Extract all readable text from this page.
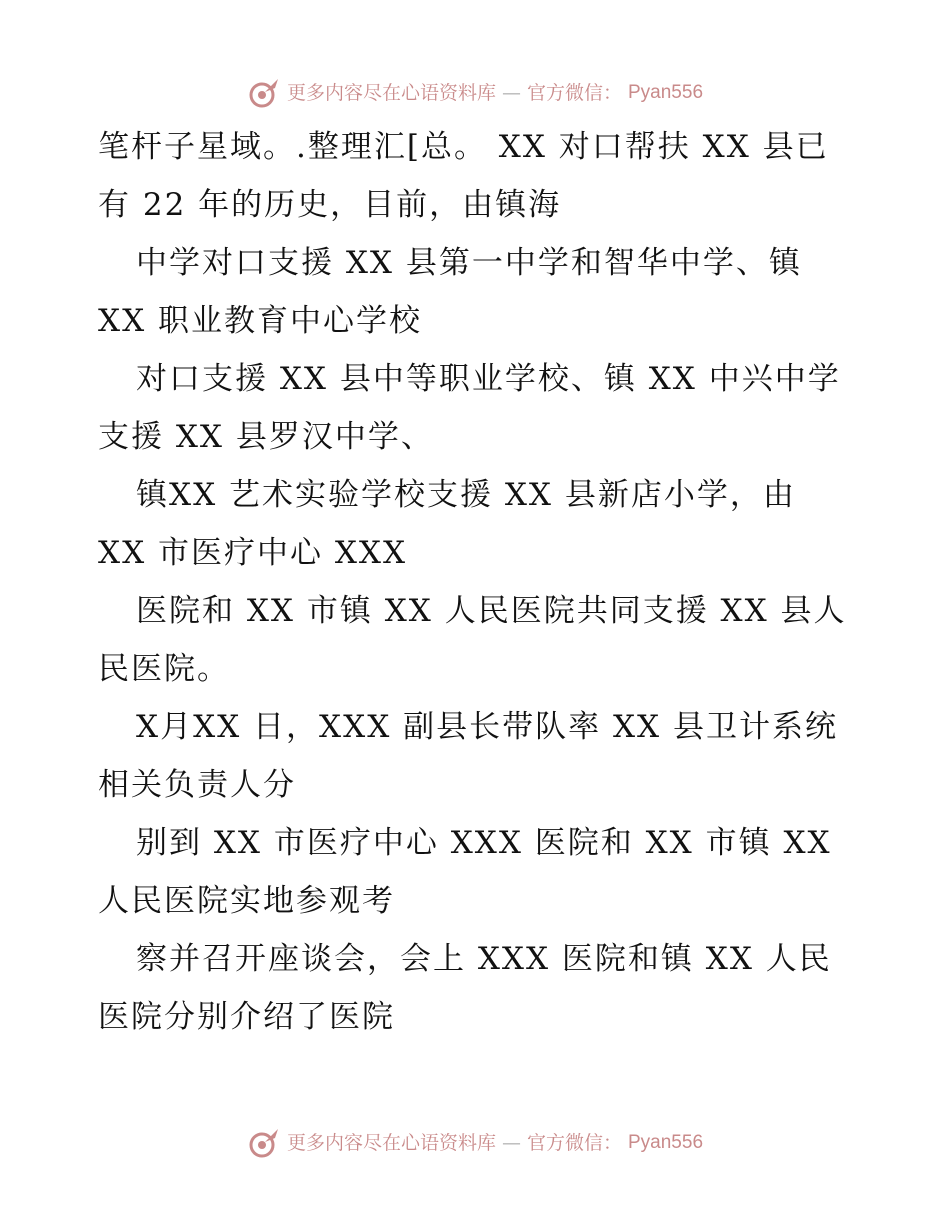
更多内容尽在心语资料库 — 官方微信： Pyan556

笔杆子星域。.整理汇[总。 XX 对口帮扶 XX 县已

有 22 年的历史，目前，由镇海

中学对口支援 XX 县第一中学和智华中学、镇

XX 职业教育中心学校

对口支援 XX 县中等职业学校、镇 XX 中兴中学

支援 XX 县罗汉中学、

镇XX 艺术实验学校支援 XX 县新店小学，由

XX 市医疗中心 XXX

医院和 XX 市镇 XX 人民医院共同支援 XX 县人

民医院。

X月XX 日，XXX 副县长带队率 XX 县卫计系统

相关负责人分

别到 XX 市医疗中心 XXX 医院和 XX 市镇 XX

人民医院实地参观考

察并召开座谈会，会上 XXX 医院和镇 XX 人民

医院分别介绍了医院

更多内容尽在心语资料库 — 官方微信： Pyan556
